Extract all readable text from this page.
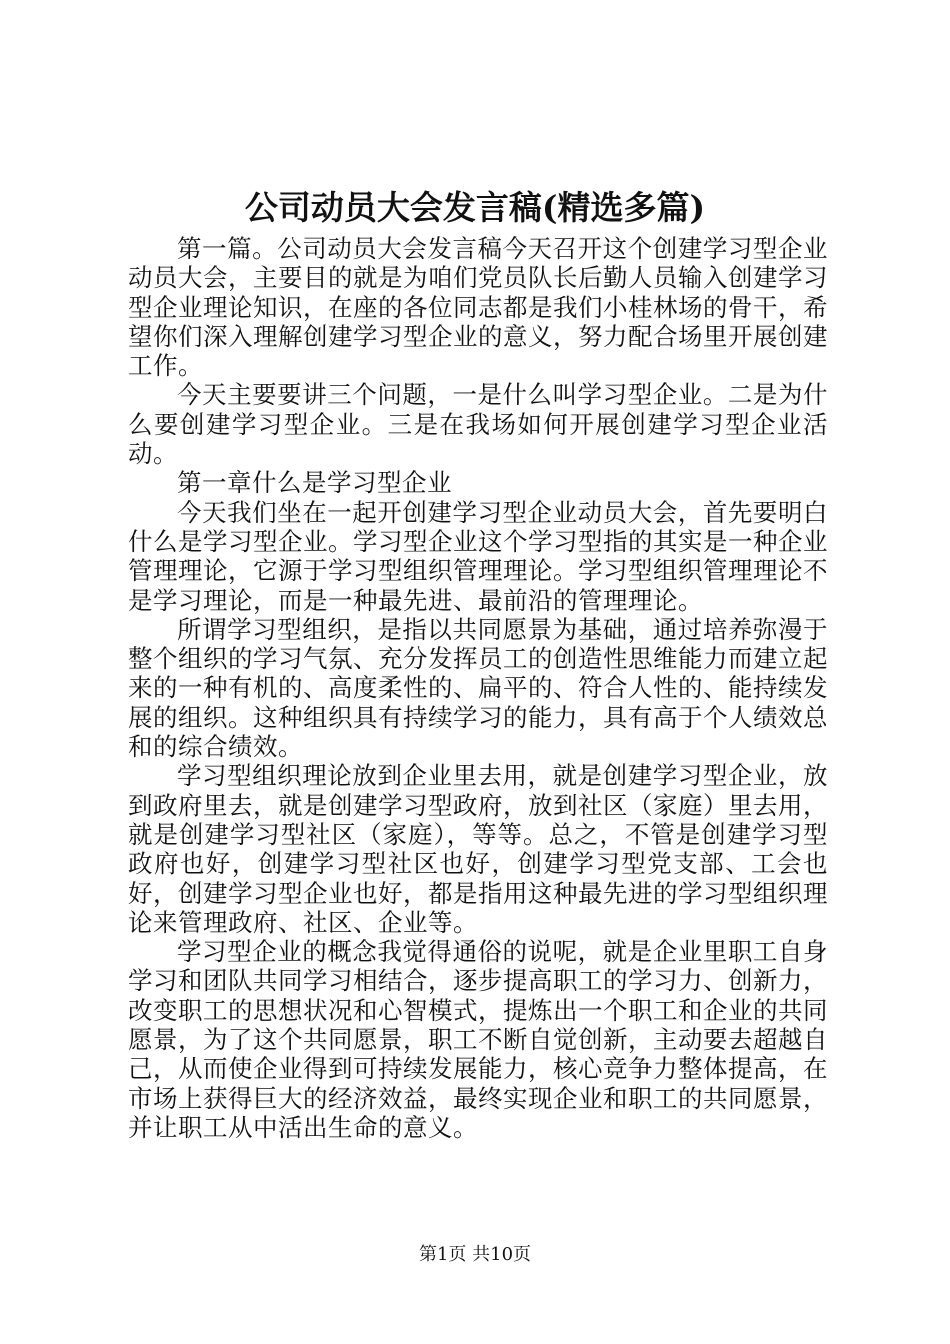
公司动员大会发言稿(精选多篇)

第一篇。公司动员大会发言稿今天召开这个创建学习型企业动员大会，主要目的就是为咱们党员队长后勤人员输入创建学习型企业理论知识，在座的各位同志都是我们小桂林场的骨干，希望你们深入理解创建学习型企业的意义，努力配合场里开展创建工作。

今天主要要讲三个问题，一是什么叫学习型企业。二是为什么要创建学习型企业。三是在我场如何开展创建学习型企业活动。

第一章什么是学习型企业

今天我们坐在一起开创建学习型企业动员大会，首先要明白什么是学习型企业。学习型企业这个学习型指的其实是一种企业管理理论，它源于学习型组织管理理论。学习型组织管理理论不是学习理论，而是一种最先进、最前沿的管理理论。

所谓学习型组织，是指以共同愿景为基础，通过培养弥漫于整个组织的学习气氛、充分发挥员工的创造性思维能力而建立起来的一种有机的、高度柔性的、扁平的、符合人性的、能持续发展的组织。这种组织具有持续学习的能力，具有高于个人绩效总和的综合绩效。

学习型组织理论放到企业里去用，就是创建学习型企业，放到政府里去，就是创建学习型政府，放到社区（家庭）里去用，就是创建学习型社区（家庭），等等。总之，不管是创建学习型政府也好，创建学习型社区也好，创建学习型党支部、工会也好，创建学习型企业也好，都是指用这种最先进的学习型组织理论来管理政府、社区、企业等。

学习型企业的概念我觉得通俗的说呢，就是企业里职工自身学习和团队共同学习相结合，逐步提高职工的学习力、创新力，改变职工的思想状况和心智模式，提炼出一个职工和企业的共同愿景，为了这个共同愿景，职工不断自觉创新，主动要去超越自己，从而使企业得到可持续发展能力，核心竞争力整体提高，在市场上获得巨大的经济效益，最终实现企业和职工的共同愿景，并让职工从中活出生命的意义。

第1页 共10页
